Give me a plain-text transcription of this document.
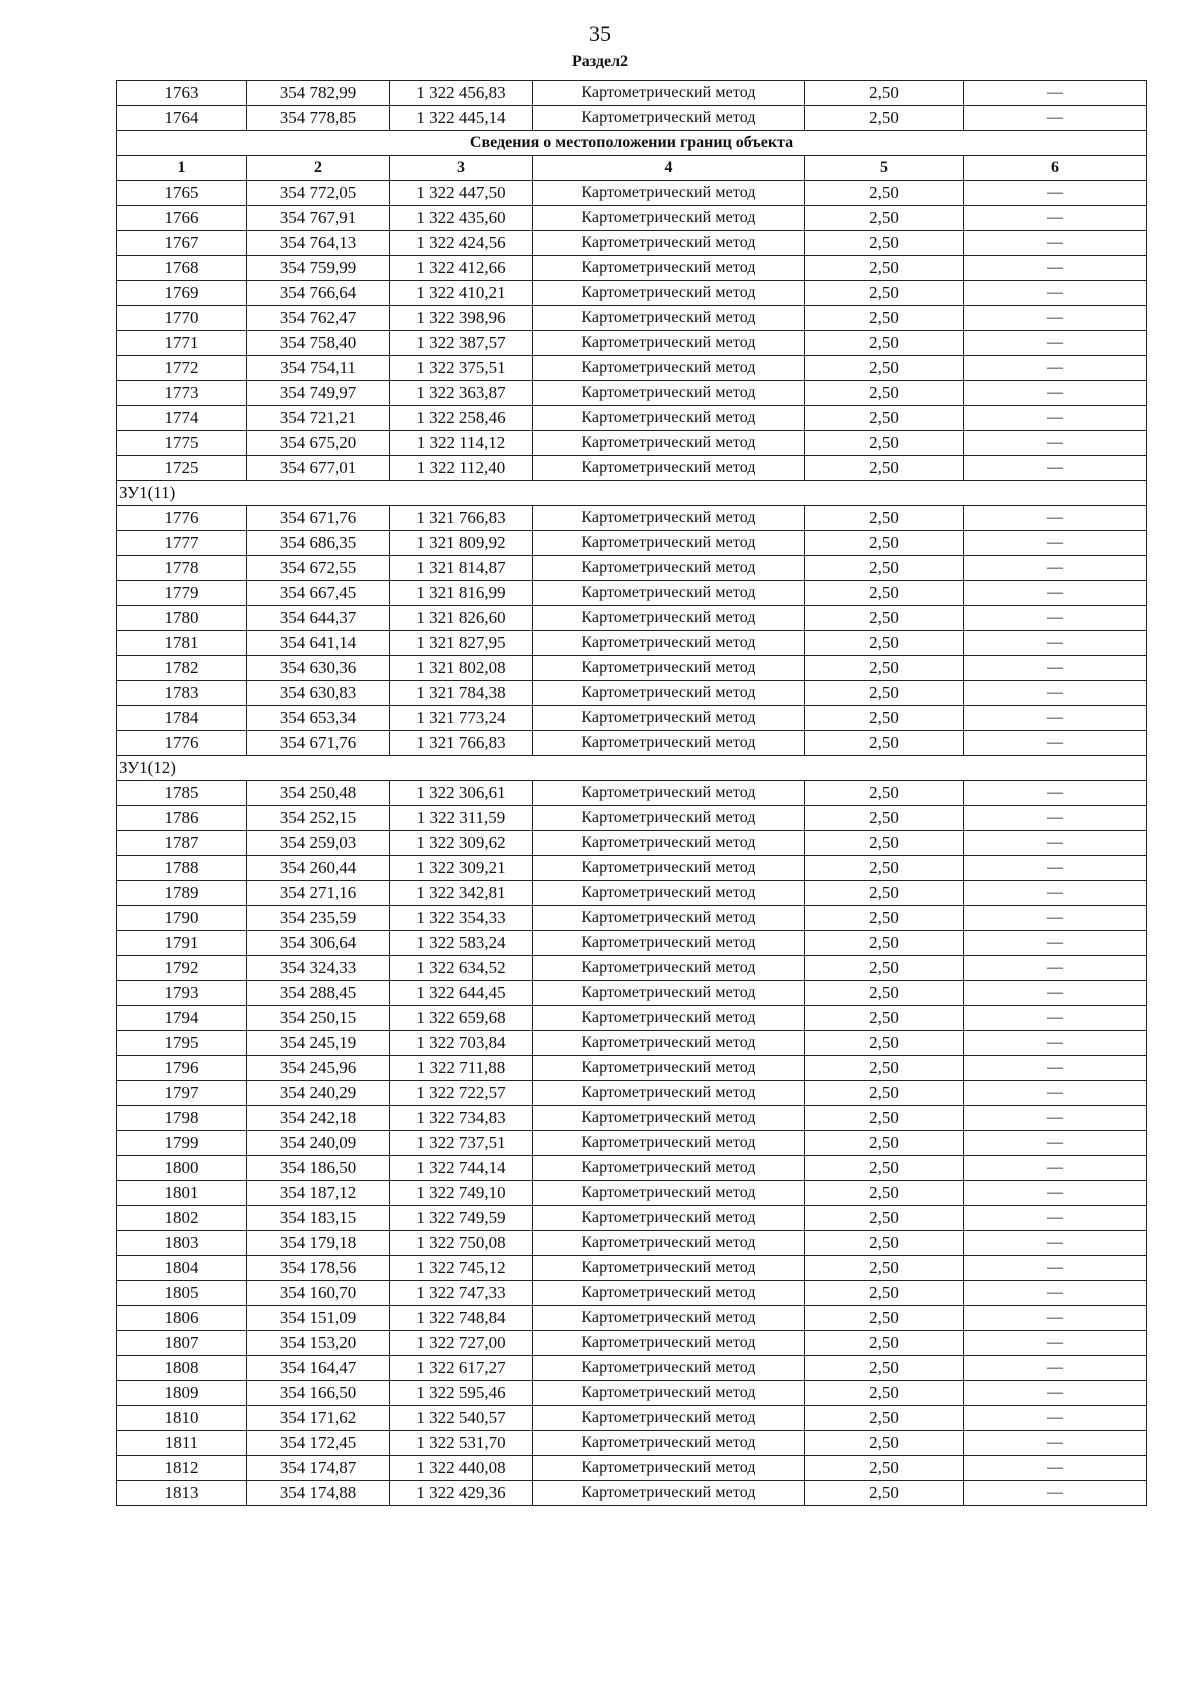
35
Раздел2
1763	354 782,99	1 322 456,83	Картометрический метод	2,50	—
1764	354 778,85	1 322 445,14	Картометрический метод	2,50	—
Сведения о местоположении границ объекта					
1	2	3	4	5	6
1765	354 772,05	1 322 447,50	Картометрический метод	2,50	—
1766	354 767,91	1 322 435,60	Картометрический метод	2,50	—
1767	354 764,13	1 322 424,56	Картометрический метод	2,50	—
1768	354 759,99	1 322 412,66	Картометрический метод	2,50	—
1769	354 766,64	1 322 410,21	Картометрический метод	2,50	—
1770	354 762,47	1 322 398,96	Картометрический метод	2,50	—
1771	354 758,40	1 322 387,57	Картометрический метод	2,50	—
1772	354 754,11	1 322 375,51	Картометрический метод	2,50	—
1773	354 749,97	1 322 363,87	Картометрический метод	2,50	—
1774	354 721,21	1 322 258,46	Картометрический метод	2,50	—
1775	354 675,20	1 322 114,12	Картометрический метод	2,50	—
1725	354 677,01	1 322 112,40	Картометрический метод	2,50	—
ЗУ1(11)					
1776	354 671,76	1 321 766,83	Картометрический метод	2,50	—
1777	354 686,35	1 321 809,92	Картометрический метод	2,50	—
1778	354 672,55	1 321 814,87	Картометрический метод	2,50	—
1779	354 667,45	1 321 816,99	Картометрический метод	2,50	—
1780	354 644,37	1 321 826,60	Картометрический метод	2,50	—
1781	354 641,14	1 321 827,95	Картометрический метод	2,50	—
1782	354 630,36	1 321 802,08	Картометрический метод	2,50	—
1783	354 630,83	1 321 784,38	Картометрический метод	2,50	—
1784	354 653,34	1 321 773,24	Картометрический метод	2,50	—
1776	354 671,76	1 321 766,83	Картометрический метод	2,50	—
ЗУ1(12)					
1785	354 250,48	1 322 306,61	Картометрический метод	2,50	—
1786	354 252,15	1 322 311,59	Картометрический метод	2,50	—
1787	354 259,03	1 322 309,62	Картометрический метод	2,50	—
1788	354 260,44	1 322 309,21	Картометрический метод	2,50	—
1789	354 271,16	1 322 342,81	Картометрический метод	2,50	—
1790	354 235,59	1 322 354,33	Картометрический метод	2,50	—
1791	354 306,64	1 322 583,24	Картометрический метод	2,50	—
1792	354 324,33	1 322 634,52	Картометрический метод	2,50	—
1793	354 288,45	1 322 644,45	Картометрический метод	2,50	—
1794	354 250,15	1 322 659,68	Картометрический метод	2,50	—
1795	354 245,19	1 322 703,84	Картометрический метод	2,50	—
1796	354 245,96	1 322 711,88	Картометрический метод	2,50	—
1797	354 240,29	1 322 722,57	Картометрический метод	2,50	—
1798	354 242,18	1 322 734,83	Картометрический метод	2,50	—
1799	354 240,09	1 322 737,51	Картометрический метод	2,50	—
1800	354 186,50	1 322 744,14	Картометрический метод	2,50	—
1801	354 187,12	1 322 749,10	Картометрический метод	2,50	—
1802	354 183,15	1 322 749,59	Картометрический метод	2,50	—
1803	354 179,18	1 322 750,08	Картометрический метод	2,50	—
1804	354 178,56	1 322 745,12	Картометрический метод	2,50	—
1805	354 160,70	1 322 747,33	Картометрический метод	2,50	—
1806	354 151,09	1 322 748,84	Картометрический метод	2,50	—
1807	354 153,20	1 322 727,00	Картометрический метод	2,50	—
1808	354 164,47	1 322 617,27	Картометрический метод	2,50	—
1809	354 166,50	1 322 595,46	Картометрический метод	2,50	—
1810	354 171,62	1 322 540,57	Картометрический метод	2,50	—
1811	354 172,45	1 322 531,70	Картометрический метод	2,50	—
1812	354 174,87	1 322 440,08	Картометрический метод	2,50	—
1813	354 174,88	1 322 429,36	Картометрический метод	2,50	—
